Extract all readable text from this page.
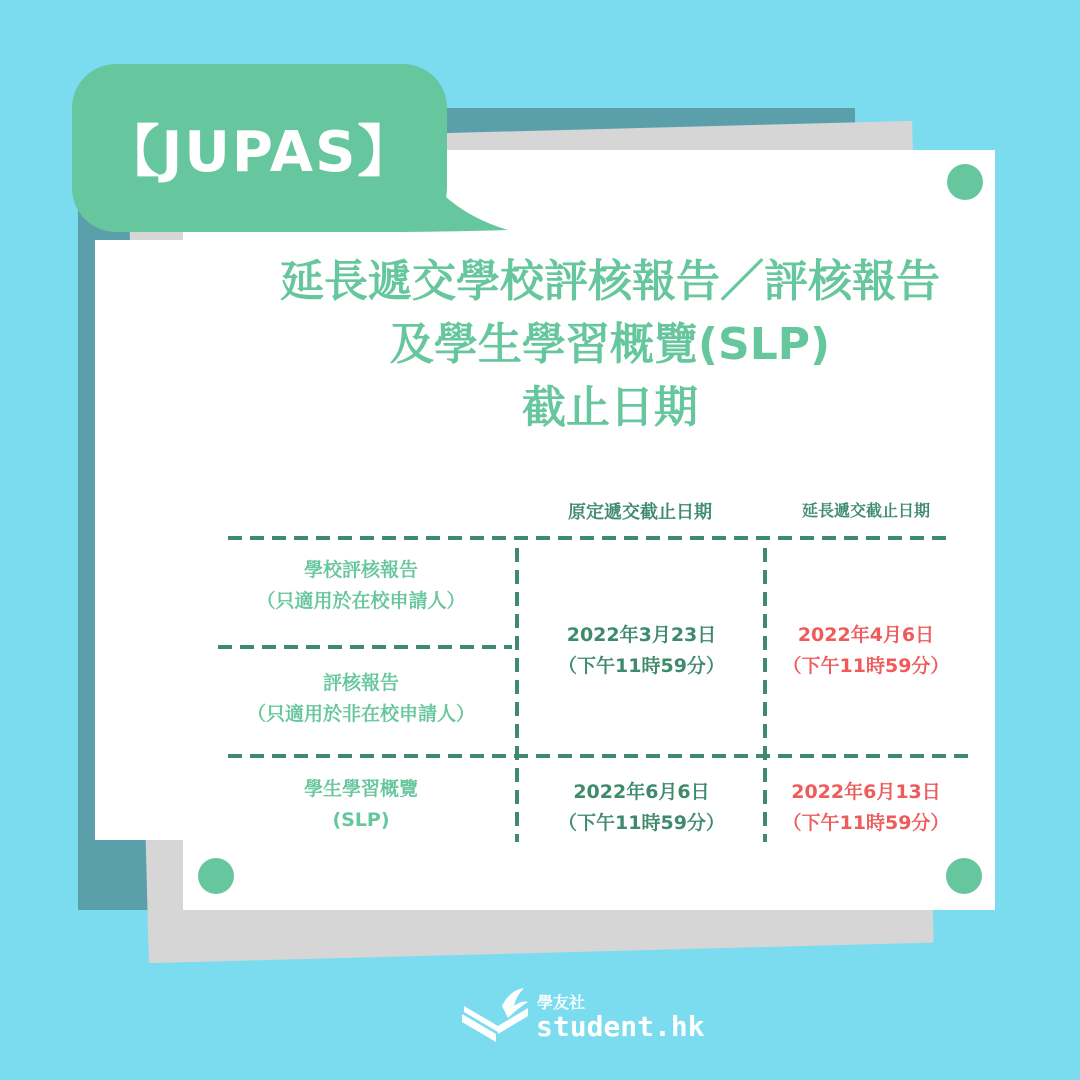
【JUPAS】
延長遞交學校評核報告／評核報告
及學生學習概覽(SLP)
截止日期
原定遞交截止日期	延長遞交截止日期
學校評核報告
（只適用於在校申請人）
評核報告
（只適用於非在校申請人）
學生學習概覽
(SLP)
2022年3月23日
（下午11時59分）
2022年4月6日
（下午11時59分）
2022年6月6日
（下午11時59分）
2022年6月13日
（下午11時59分）
學友社
student.hk
